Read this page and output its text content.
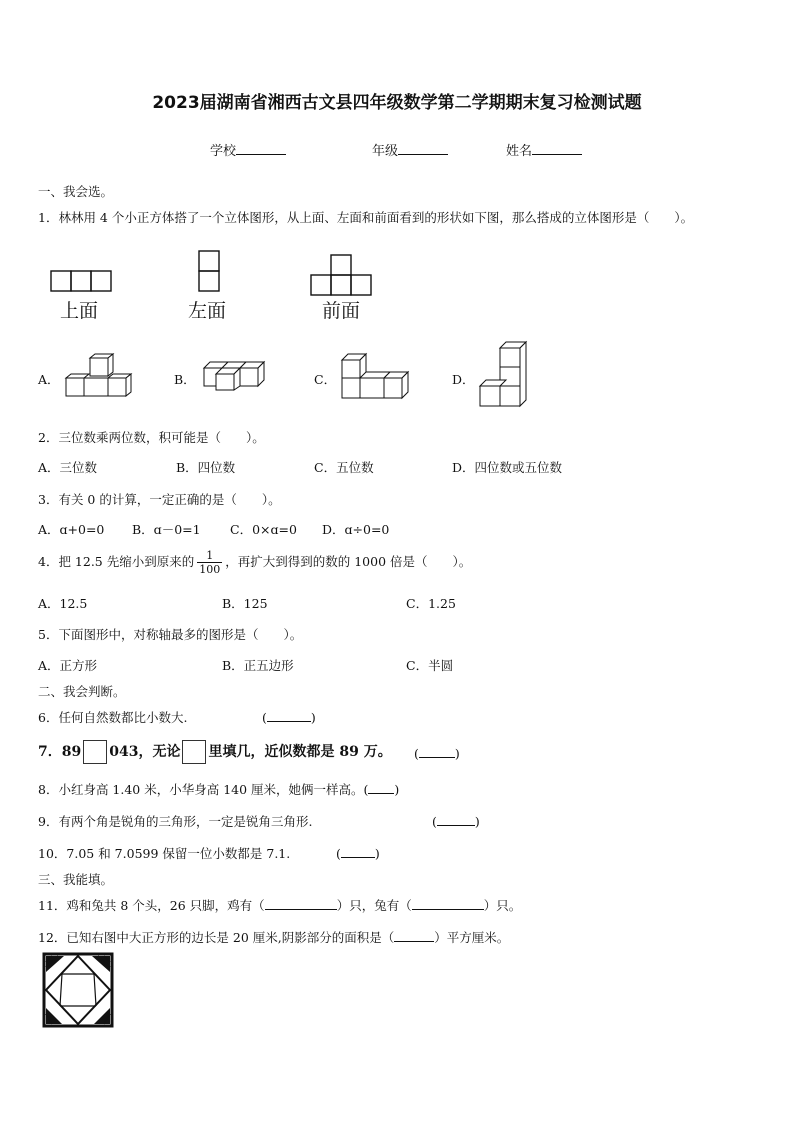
2023届湖南省湘西古文县四年级数学第二学期期末复习检测试题
学校	年级	姓名
一、我会选。
1．林林用 4 个小正方体搭了一个立体图形，从上面、左面和前面看到的形状如下图，那么搭成的立体图形是（　　）。
上面	左面	前面
A．	B．	C．	D．
2．三位数乘两位数，积可能是（　　）。
A．三位数	B．四位数	C．五位数	D．四位数或五位数
3．有关 0 的计算，一定正确的是（　　）。
A．ɑ+0=0 B．ɑ－0=1 C．0×ɑ=0 D．ɑ÷0=0
4．把 12.5 先缩小到原来的 $\frac{1}{100}$ ，再扩大到得到的数的 1000 倍是（　　）。
A．12.5	B．125	C．1.25
5．下面图形中，对称轴最多的图形是（　　）。
A．正方形	B．正五边形	C．半圆
二、我会判断。
6．任何自然数都比小数大.	(	)
7．89 043，无论 里填几，近似数都是 89 万。 (	)
8．小红身高 1.40 米，小华身高 140 厘米，她俩一样高。( )
9．有两个角是锐角的三角形，一定是锐角三角形.	(	)
10．7.05 和 7.0599 保留一位小数都是 7.1.	(	)
三、我能填。
11．鸡和兔共 8 个头，26 只脚，鸡有（	）只，兔有（	）只。
12．已知右图中大正方形的边长是 20 厘米,阴影部分的面积是（	）平方厘米。
